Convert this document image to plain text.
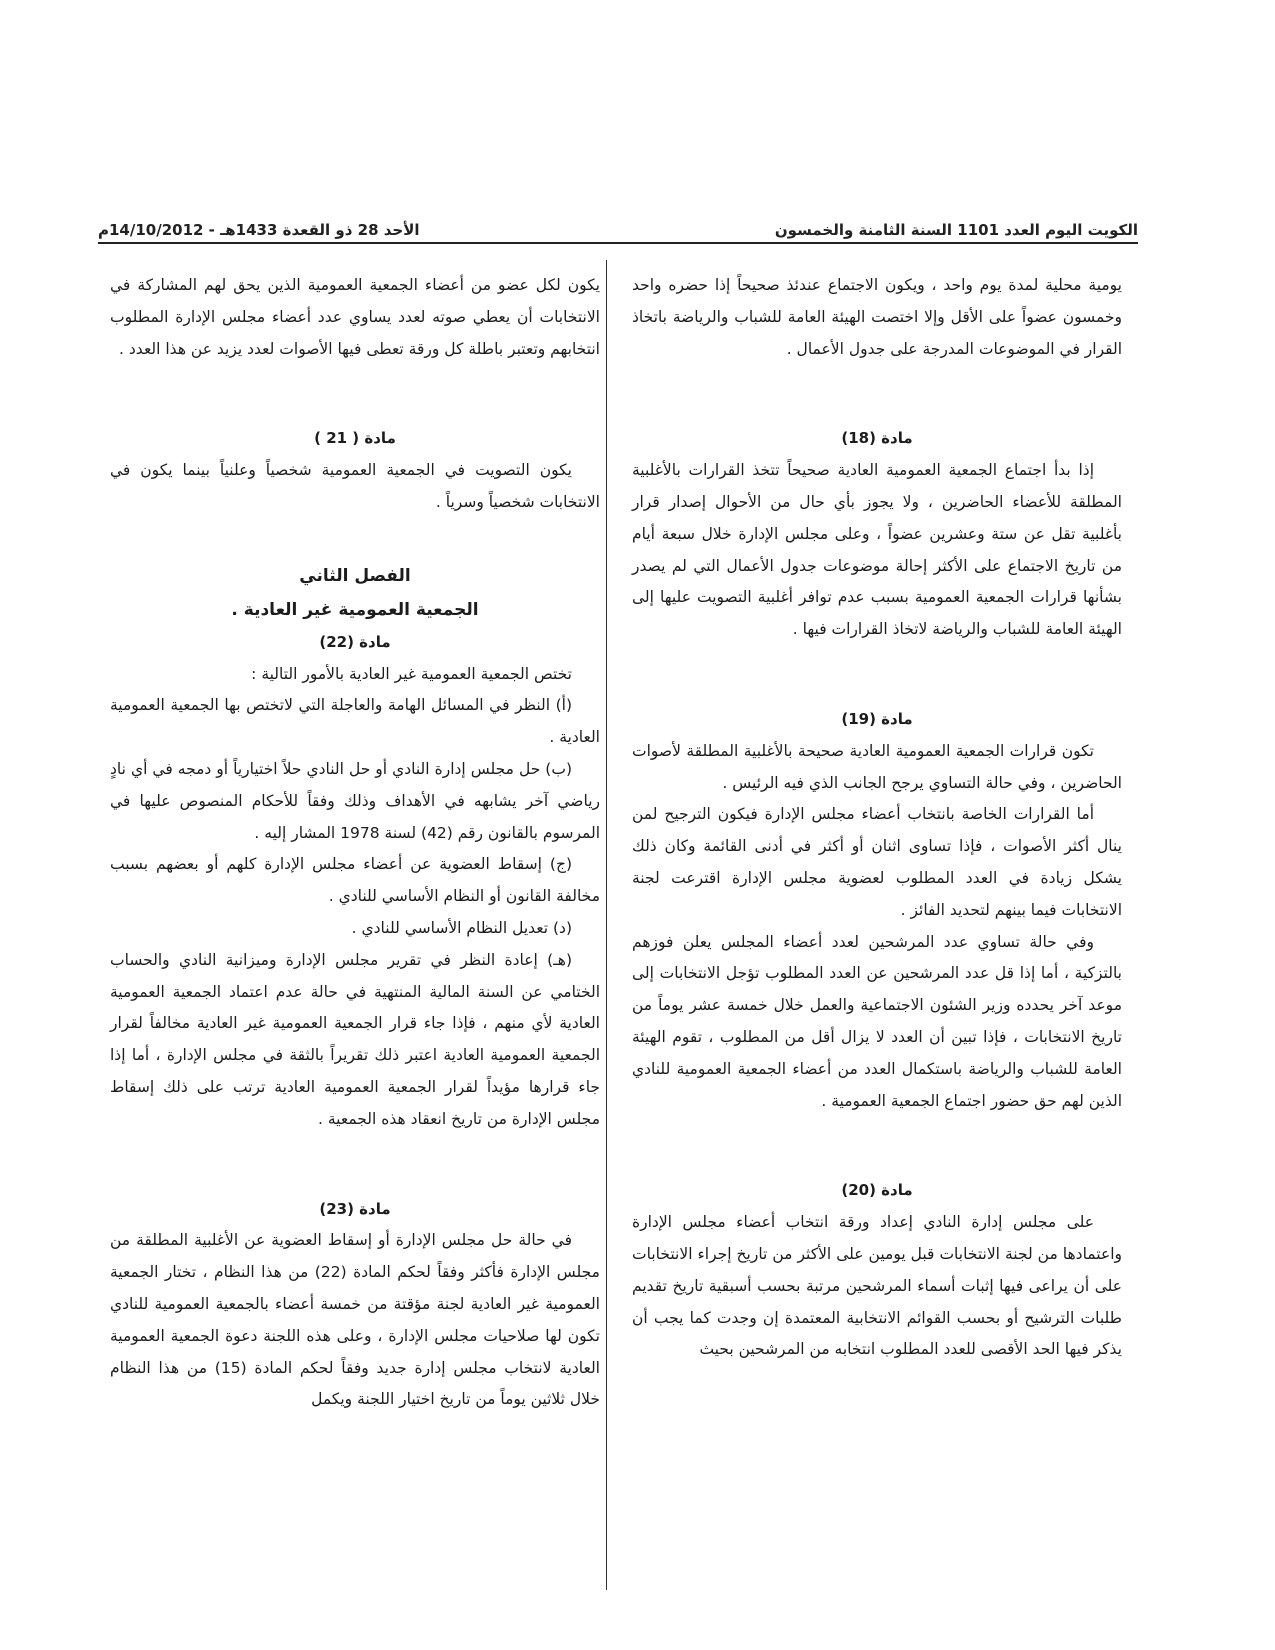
الكويت اليوم العدد 1101 السنة الثامنة والخمسون
الأحد 28 ذو القعدة 1433هـ - 14/10/2012م

يومية محلية لمدة يوم واحد ، ويكون الاجتماع عندئذ صحيحاً إذا حضره واحد وخمسون عضواً على الأقل وإلا اختصت الهيئة العامة للشباب والرياضة باتخاذ القرار في الموضوعات المدرجة على جدول الأعمال .

مادة (18)

إذا بدأ اجتماع الجمعية العمومية العادية صحيحاً تتخذ القرارات بالأغلبية المطلقة للأعضاء الحاضرين ، ولا يجوز بأي حال من الأحوال إصدار قرار بأغلبية تقل عن ستة وعشرين عضواً ، وعلى مجلس الإدارة خلال سبعة أيام من تاريخ الاجتماع على الأكثر إحالة موضوعات جدول الأعمال التي لم يصدر بشأنها قرارات الجمعية العمومية بسبب عدم توافر أغلبية التصويت عليها إلى الهيئة العامة للشباب والرياضة لاتخاذ القرارات فيها .

مادة (19)

تكون قرارات الجمعية العمومية العادية صحيحة بالأغلبية المطلقة لأصوات الحاضرين ، وفي حالة التساوي يرجح الجانب الذي فيه الرئيس .

أما القرارات الخاصة بانتخاب أعضاء مجلس الإدارة فيكون الترجيح لمن ينال أكثر الأصوات ، فإذا تساوى اثنان أو أكثر في أدنى القائمة وكان ذلك يشكل زيادة في العدد المطلوب لعضوية مجلس الإدارة اقترعت لجنة الانتخابات فيما بينهم لتحديد الفائز .

وفي حالة تساوي عدد المرشحين لعدد أعضاء المجلس يعلن فوزهم بالتزكية ، أما إذا قل عدد المرشحين عن العدد المطلوب تؤجل الانتخابات إلى موعد آخر يحدده وزير الشئون الاجتماعية والعمل خلال خمسة عشر يوماً من تاريخ الانتخابات ، فإذا تبين أن العدد لا يزال أقل من المطلوب ، تقوم الهيئة العامة للشباب والرياضة باستكمال العدد من أعضاء الجمعية العمومية للنادي الذين لهم حق حضور اجتماع الجمعية العمومية .

مادة (20)

على مجلس إدارة النادي إعداد ورقة انتخاب أعضاء مجلس الإدارة واعتمادها من لجنة الانتخابات قبل يومين على الأكثر من تاريخ إجراء الانتخابات على أن يراعى فيها إثبات أسماء المرشحين مرتبة بحسب أسبقية تاريخ تقديم طلبات الترشيح أو بحسب القوائم الانتخابية المعتمدة إن وجدت كما يجب أن يذكر فيها الحد الأقصى للعدد المطلوب انتخابه من المرشحين بحيث

يكون لكل عضو من أعضاء الجمعية العمومية الذين يحق لهم المشاركة في الانتخابات أن يعطي صوته لعدد يساوي عدد أعضاء مجلس الإدارة المطلوب انتخابهم وتعتبر باطلة كل ورقة تعطى فيها الأصوات لعدد يزيد عن هذا العدد .

مادة ( 21 )

يكون التصويت في الجمعية العمومية شخصياً وعلنياً بينما يكون في الانتخابات شخصياً وسرياً .

الفصل الثاني

الجمعية العمومية غير العادية .

مادة (22)

تختص الجمعية العمومية غير العادية بالأمور التالية :

(أ) النظر في المسائل الهامة والعاجلة التي لاتختص بها الجمعية العمومية العادية .

(ب) حل مجلس إدارة النادي أو حل النادي حلاً اختيارياً أو دمجه في أي نادٍ رياضي آخر يشابهه في الأهداف وذلك وفقاً للأحكام المنصوص عليها في المرسوم بالقانون رقم (42) لسنة 1978 المشار إليه .

(ج) إسقاط العضوية عن أعضاء مجلس الإدارة كلهم أو بعضهم بسبب مخالفة القانون أو النظام الأساسي للنادي .

(د) تعديل النظام الأساسي للنادي .

(هـ) إعادة النظر في تقرير مجلس الإدارة وميزانية النادي والحساب الختامي عن السنة المالية المنتهية في حالة عدم اعتماد الجمعية العمومية العادية لأي منهم ، فإذا جاء قرار الجمعية العمومية غير العادية مخالفاً لقرار الجمعية العمومية العادية اعتبر ذلك تقريراً بالثقة في مجلس الإدارة ، أما إذا جاء قرارها مؤيداً لقرار الجمعية العمومية العادية ترتب على ذلك إسقاط مجلس الإدارة من تاريخ انعقاد هذه الجمعية .

مادة (23)

في حالة حل مجلس الإدارة أو إسقاط العضوية عن الأغلبية المطلقة من مجلس الإدارة فأكثر وفقاً لحكم المادة (22) من هذا النظام ، تختار الجمعية العمومية غير العادية لجنة مؤقتة من خمسة أعضاء بالجمعية العمومية للنادي تكون لها صلاحيات مجلس الإدارة ، وعلى هذه اللجنة دعوة الجمعية العمومية العادية لانتخاب مجلس إدارة جديد وفقاً لحكم المادة (15) من هذا النظام خلال ثلاثين يوماً من تاريخ اختيار اللجنة ويكمل
